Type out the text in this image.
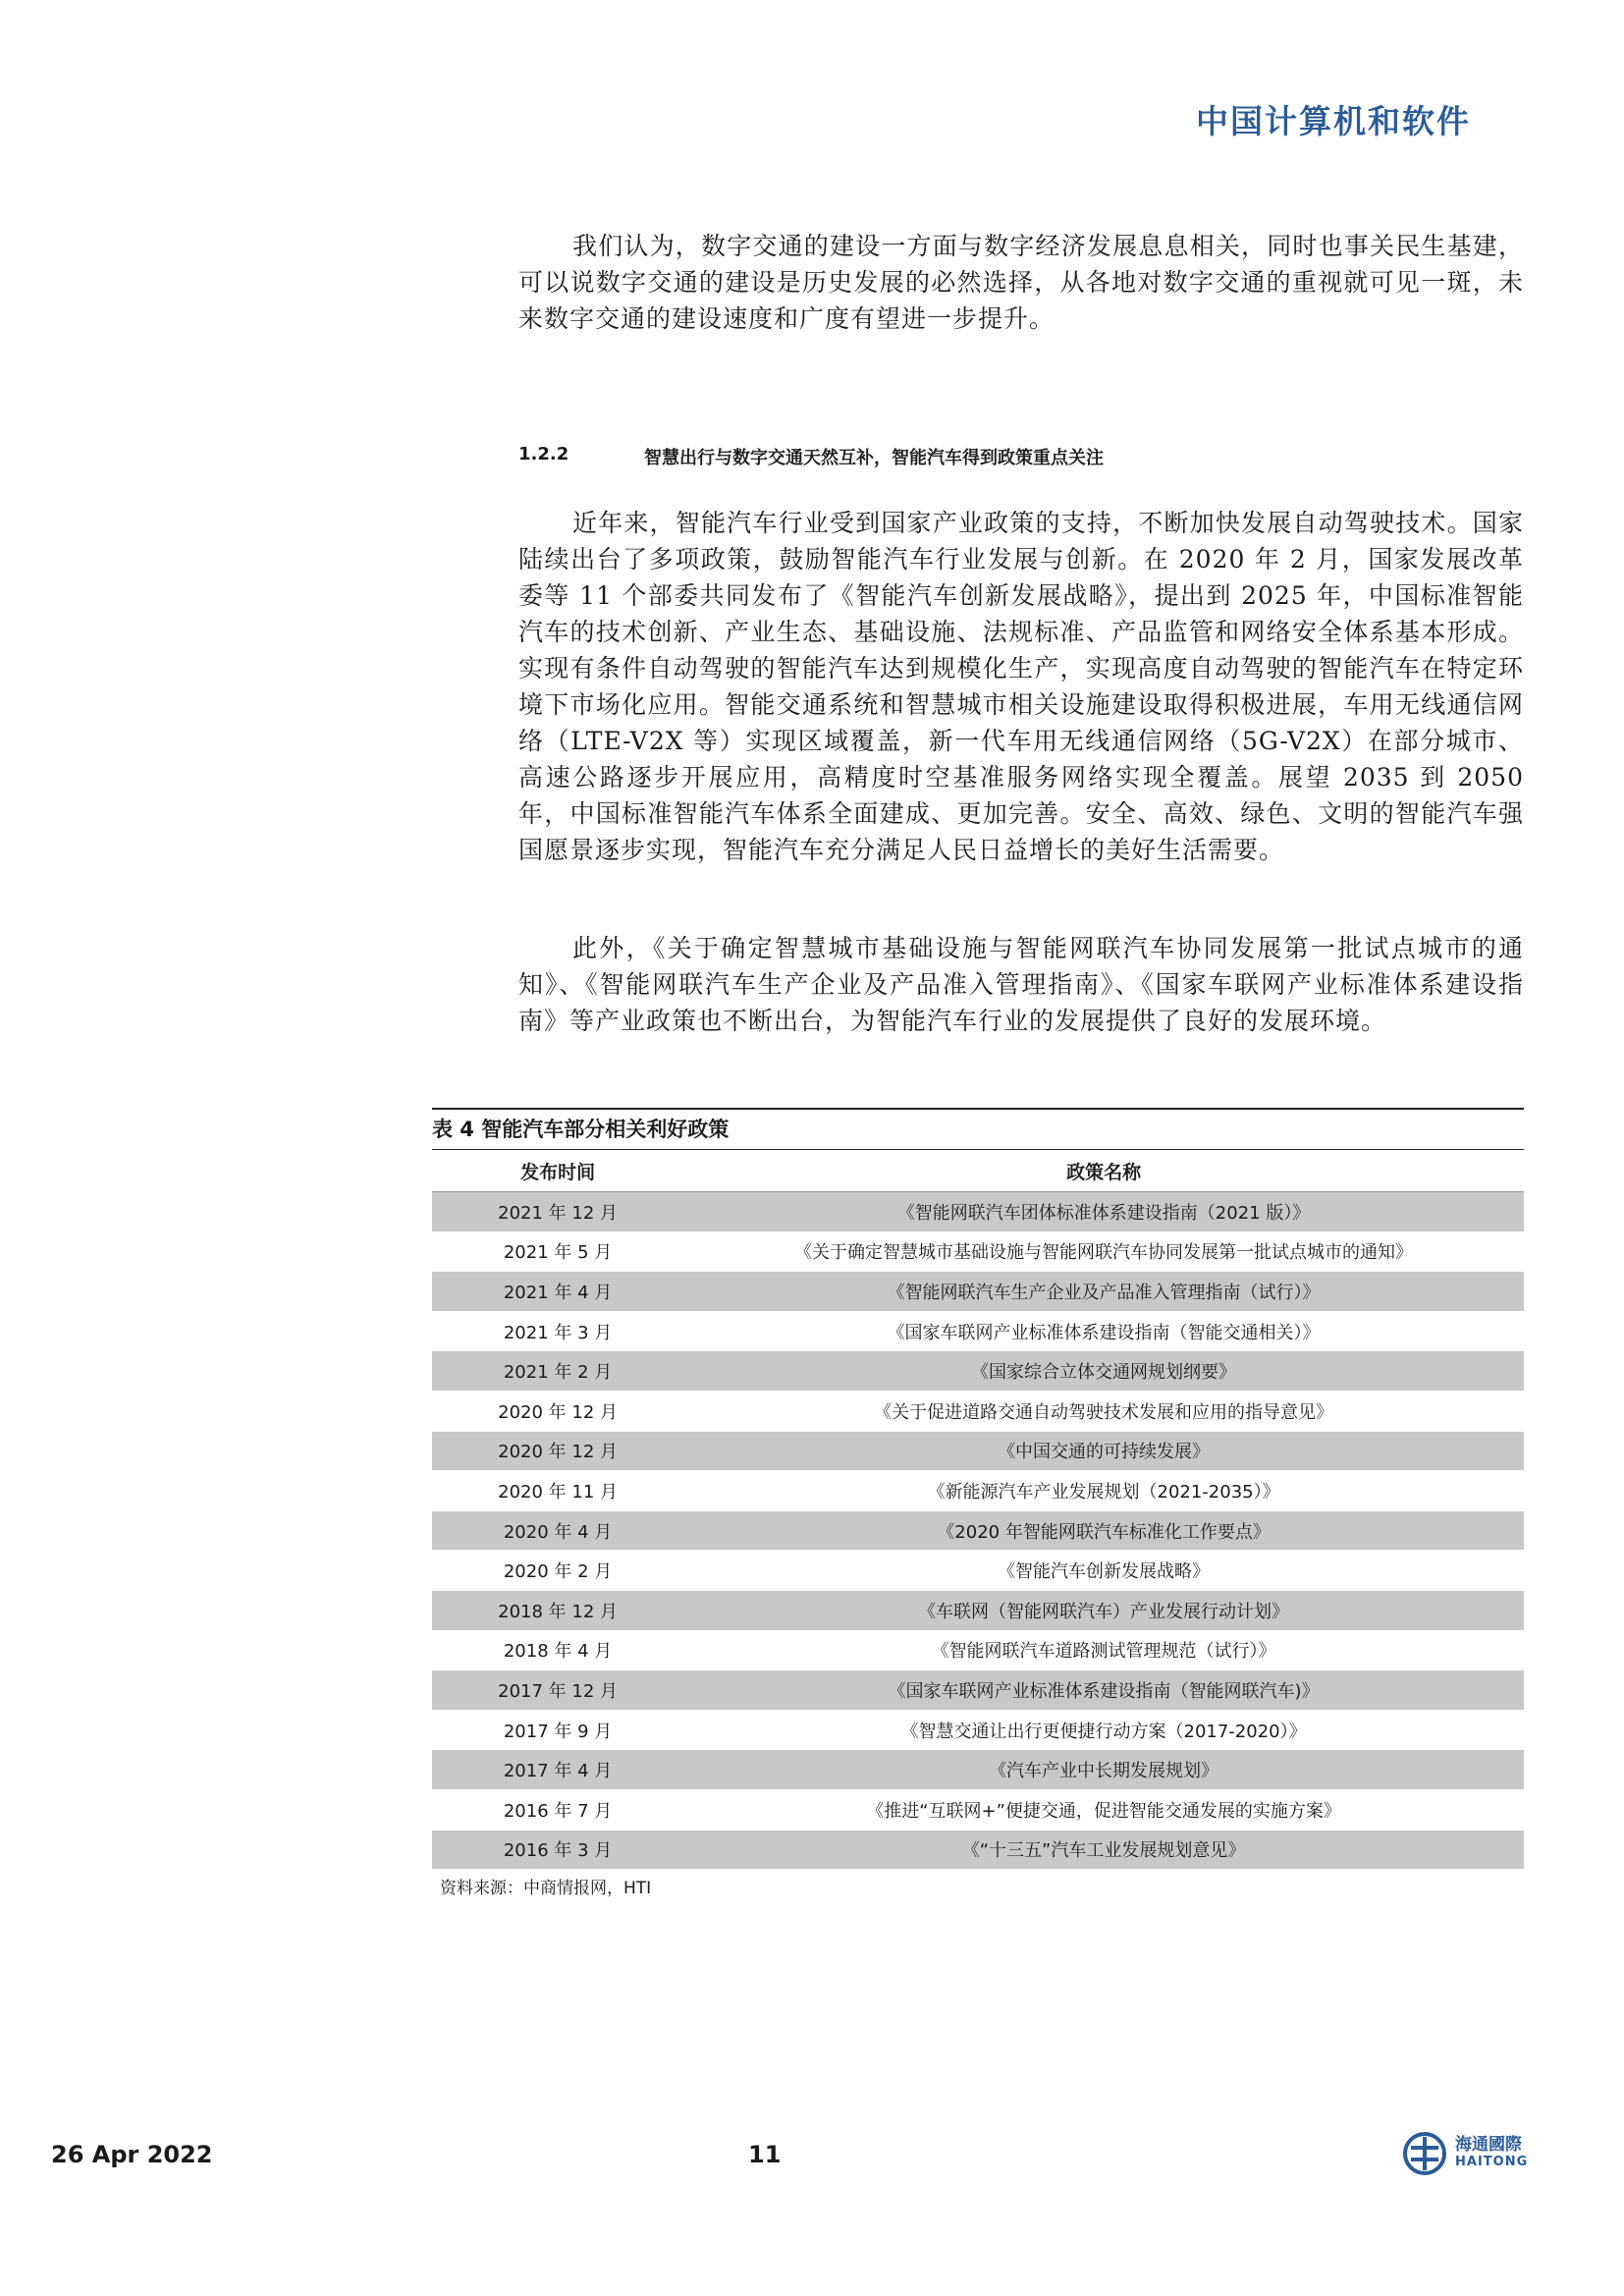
中国计算机和软件

我们认为，数字交通的建设一方面与数字经济发展息息相关，同时也事关民生基建，可以说数字交通的建设是历史发展的必然选择，从各地对数字交通的重视就可见一斑，未来数字交通的建设速度和广度有望进一步提升。

1.2.2	智慧出行与数字交通天然互补，智能汽车得到政策重点关注

近年来，智能汽车行业受到国家产业政策的支持，不断加快发展自动驾驶技术。国家陆续出台了多项政策，鼓励智能汽车行业发展与创新。在 2020 年 2 月，国家发展改革委等 11 个部委共同发布了《智能汽车创新发展战略》，提出到 2025 年，中国标准智能汽车的技术创新、产业生态、基础设施、法规标准、产品监管和网络安全体系基本形成。实现有条件自动驾驶的智能汽车达到规模化生产，实现高度自动驾驶的智能汽车在特定环境下市场化应用。智能交通系统和智慧城市相关设施建设取得积极进展，车用无线通信网络（LTE-V2X 等）实现区域覆盖，新一代车用无线通信网络（5G-V2X）在部分城市、高速公路逐步开展应用，高精度时空基准服务网络实现全覆盖。展望 2035 到 2050 年，中国标准智能汽车体系全面建成、更加完善。安全、高效、绿色、文明的智能汽车强国愿景逐步实现，智能汽车充分满足人民日益增长的美好生活需要。

此外，《关于确定智慧城市基础设施与智能网联汽车协同发展第一批试点城市的通知》、《智能网联汽车生产企业及产品准入管理指南》、《国家车联网产业标准体系建设指南》等产业政策也不断出台，为智能汽车行业的发展提供了良好的发展环境。

表 4 智能汽车部分相关利好政策
发布时间	政策名称
2021 年 12 月	《智能网联汽车团体标准体系建设指南（2021 版）》
2021 年 5 月	《关于确定智慧城市基础设施与智能网联汽车协同发展第一批试点城市的通知》
2021 年 4 月	《智能网联汽车生产企业及产品准入管理指南（试行）》
2021 年 3 月	《国家车联网产业标准体系建设指南（智能交通相关）》
2021 年 2 月	《国家综合立体交通网规划纲要》
2020 年 12 月	《关于促进道路交通自动驾驶技术发展和应用的指导意见》
2020 年 12 月	《中国交通的可持续发展》
2020 年 11 月	《新能源汽车产业发展规划（2021-2035）》
2020 年 4 月	《2020 年智能网联汽车标准化工作要点》
2020 年 2 月	《智能汽车创新发展战略》
2018 年 12 月	《车联网（智能网联汽车）产业发展行动计划》
2018 年 4 月	《智能网联汽车道路测试管理规范（试行）》
2017 年 12 月	《国家车联网产业标准体系建设指南（智能网联汽车)》
2017 年 9 月	《智慧交通让出行更便捷行动方案（2017-2020）》
2017 年 4 月	《汽车产业中长期发展规划》
2016 年 7 月	《推进“互联网+”便捷交通，促进智能交通发展的实施方案》
2016 年 3 月	《“十三五”汽车工业发展规划意见》
资料来源：中商情报网，HTI
26 Apr 2022	11	海通國際
HAITONG
